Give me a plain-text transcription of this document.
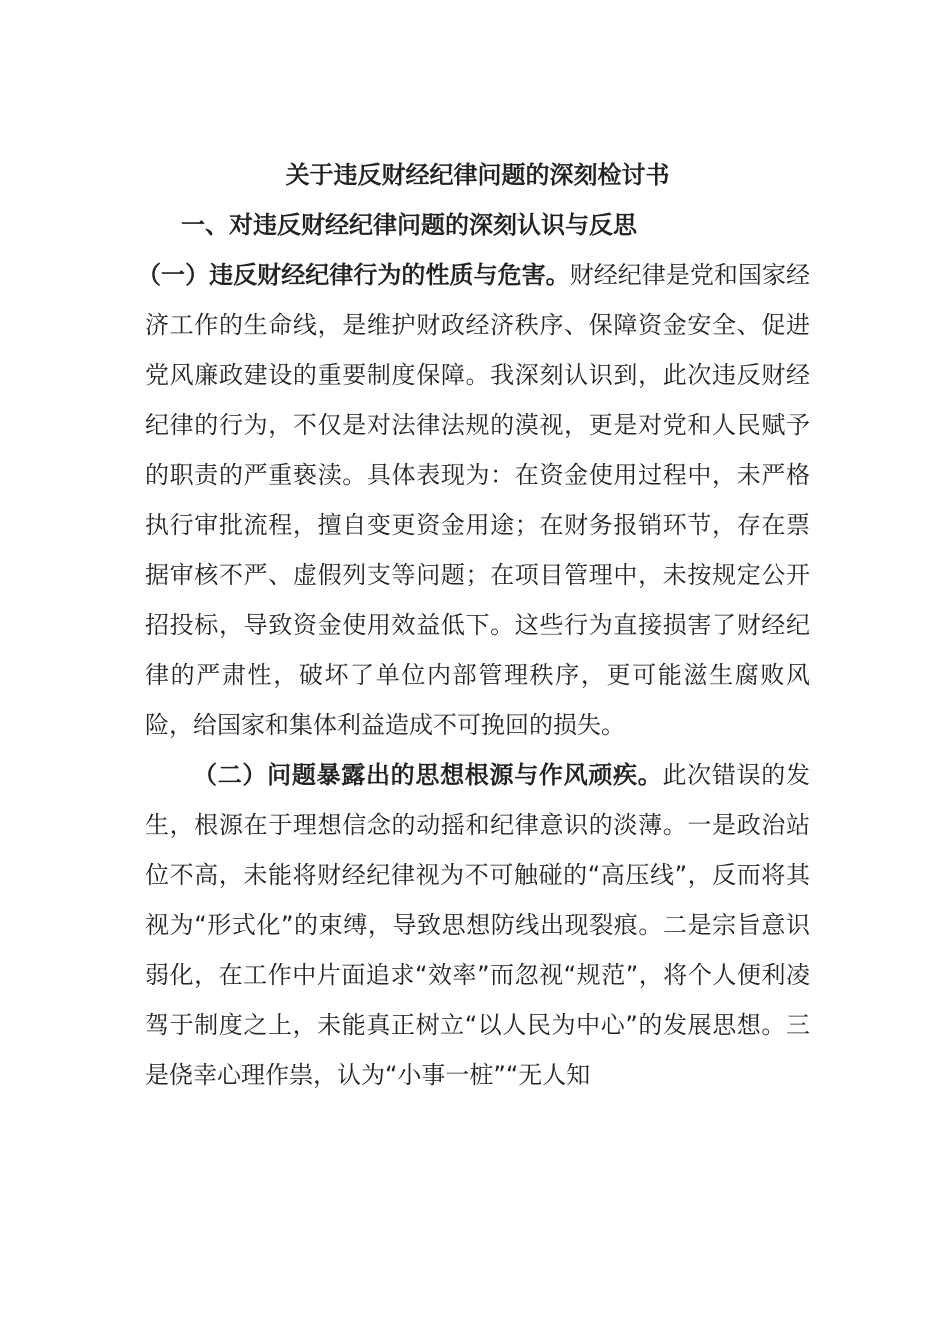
关于违反财经纪律问题的深刻检讨书
一、对违反财经纪律问题的深刻认识与反思

（一）违反财经纪律行为的性质与危害。财经纪律是党和国家经济工作的生命线，是维护财政经济秩序、保障资金安全、促进党风廉政建设的重要制度保障。我深刻认识到，此次违反财经纪律的行为，不仅是对法律法规的漠视，更是对党和人民赋予的职责的严重亵渎。具体表现为：在资金使用过程中，未严格执行审批流程，擅自变更资金用途；在财务报销环节，存在票据审核不严、虚假列支等问题；在项目管理中，未按规定公开招投标，导致资金使用效益低下。这些行为直接损害了财经纪律的严肃性，破坏了单位内部管理秩序，更可能滋生腐败风险，给国家和集体利益造成不可挽回的损失。

（二）问题暴露出的思想根源与作风顽疾。此次错误的发生，根源在于理想信念的动摇和纪律意识的淡薄。一是政治站位不高，未能将财经纪律视为不可触碰的“高压线”，反而将其视为“形式化”的束缚，导致思想防线出现裂痕。二是宗旨意识弱化，在工作中片面追求“效率”而忽视“规范”，将个人便利凌驾于制度之上，未能真正树立“以人民为中心”的发展思想。三是侥幸心理作祟，认为“小事一桩”“无人知
